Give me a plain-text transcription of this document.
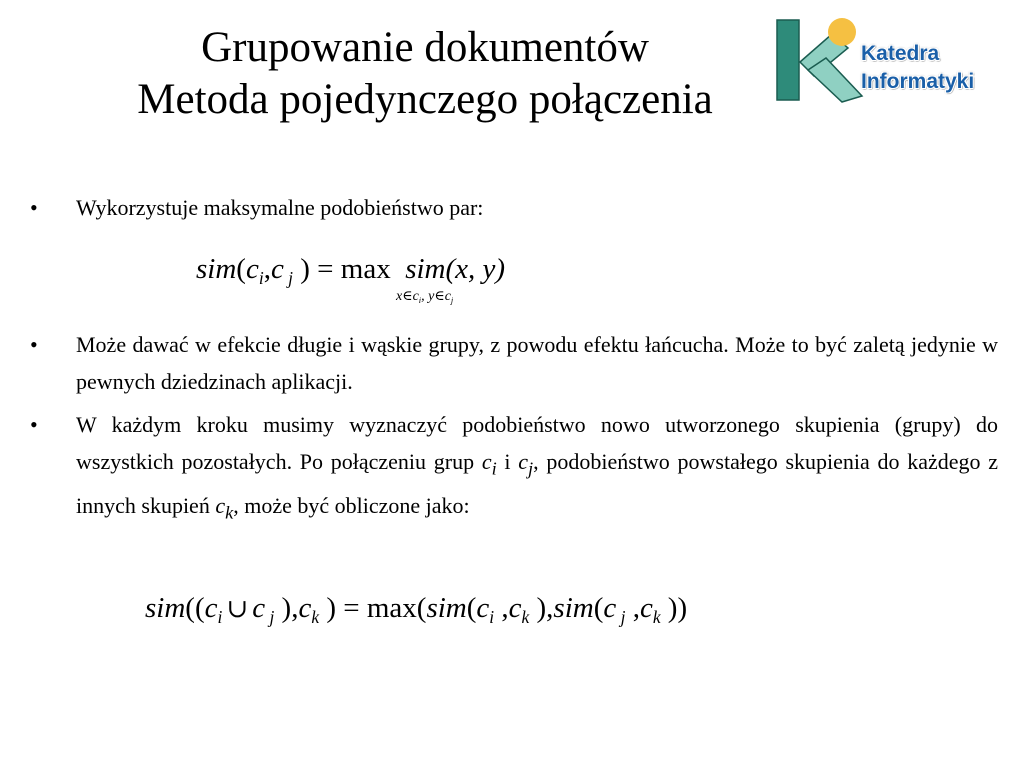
Grupowanie dokumentów
Metoda pojedynczego połączenia
Katedra
Informatyki
•	Wykorzystuje maksymalne podobieństwo par:
$sim(c_i,c$ $_j$ ) = max sim(x, y)
$x\in c_i$, $y\in c_j$
•	Może dawać w efekcie długie i wąskie grupy, z powodu efektu łańcucha. Może to być zaletą jedynie w pewnych dziedzinach aplikacji.
•	W każdym kroku musimy wyznaczyć podobieństwo nowo utworzonego skupienia (grupy) do wszystkich pozostałych. Po połączeniu grup $c_i$ i $c_j$, podobieństwo powstałego skupienia do każdego z innych skupień $c_k$, może być obliczone jako:
$sim((c_i$ ∪ c $_j$ )$,c_k$ ) = $\max(sim(c_i$ $,c_k$ ),sim(c $_j$ $,c_k$ ))
